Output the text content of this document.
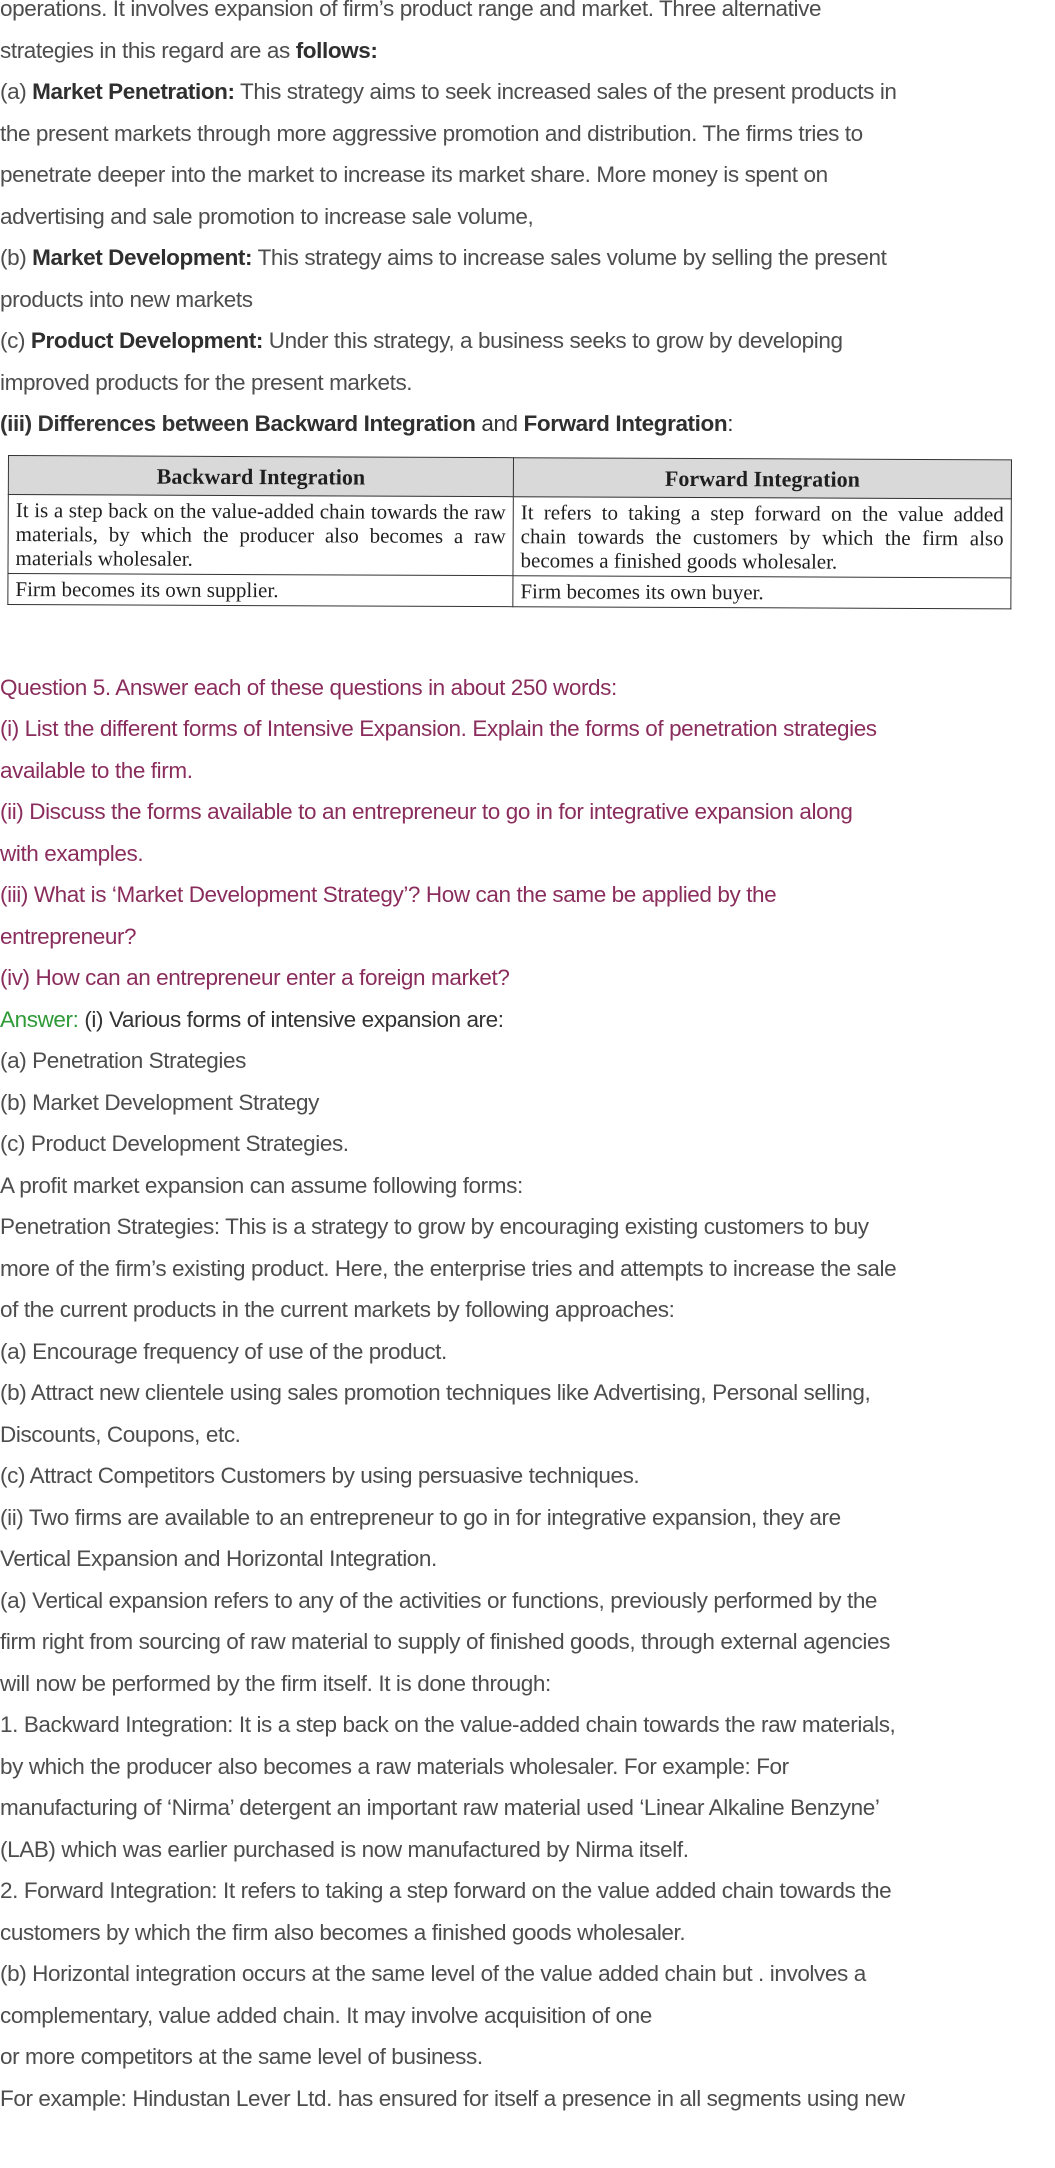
operations. It involves expansion of firm’s product range and market. Three alternative
strategies in this regard are as follows:
(a) Market Penetration: This strategy aims to seek increased sales of the present products in
the present markets through more aggressive promotion and distribution. The firms tries to
penetrate deeper into the market to increase its market share. More money is spent on
advertising and sale promotion to increase sale volume,
(b) Market Development: This strategy aims to increase sales volume by selling the present
products into new markets
(c) Product Development: Under this strategy, a business seeks to grow by developing
improved products for the present markets.
(iii) Differences between Backward Integration and Forward Integration:
Backward Integration	Forward Integration
It is a step back on the value-added chain towards the raw materials, by which the producer also becomes a raw materials wholesaler.	It refers to taking a step forward on the value added chain towards the customers by which the firm also becomes a finished goods wholesaler.
Firm becomes its own supplier.	Firm becomes its own buyer.
Question 5. Answer each of these questions in about 250 words:
(i) List the different forms of Intensive Expansion. Explain the forms of penetration strategies
available to the firm.
(ii) Discuss the forms available to an entrepreneur to go in for integrative expansion along
with examples.
(iii) What is ‘Market Development Strategy’? How can the same be applied by the
entrepreneur?
(iv) How can an entrepreneur enter a foreign market?
Answer: (i) Various forms of intensive expansion are:
(a) Penetration Strategies
(b) Market Development Strategy
(c) Product Development Strategies.
A profit market expansion can assume following forms:
Penetration Strategies: This is a strategy to grow by encouraging existing customers to buy
more of the firm’s existing product. Here, the enterprise tries and attempts to increase the sale
of the current products in the current markets by following approaches:
(a) Encourage frequency of use of the product.
(b) Attract new clientele using sales promotion techniques like Advertising, Personal selling,
Discounts, Coupons, etc.
(c) Attract Competitors Customers by using persuasive techniques.
(ii) Two firms are available to an entrepreneur to go in for integrative expansion, they are
Vertical Expansion and Horizontal Integration.
(a) Vertical expansion refers to any of the activities or functions, previously performed by the
firm right from sourcing of raw material to supply of finished goods, through external agencies
will now be performed by the firm itself. It is done through:
1. Backward Integration: It is a step back on the value-added chain towards the raw materials,
by which the producer also becomes a raw materials wholesaler. For example: For
manufacturing of ‘Nirma’ detergent an important raw material used ‘Linear Alkaline Benzyne’
(LAB) which was earlier purchased is now manufactured by Nirma itself.
2. Forward Integration: It refers to taking a step forward on the value added chain towards the
customers by which the firm also becomes a finished goods wholesaler.
(b) Horizontal integration occurs at the same level of the value added chain but . involves a
complementary, value added chain. It may involve acquisition of one
or more competitors at the same level of business.
For example: Hindustan Lever Ltd. has ensured for itself a presence in all segments using new
